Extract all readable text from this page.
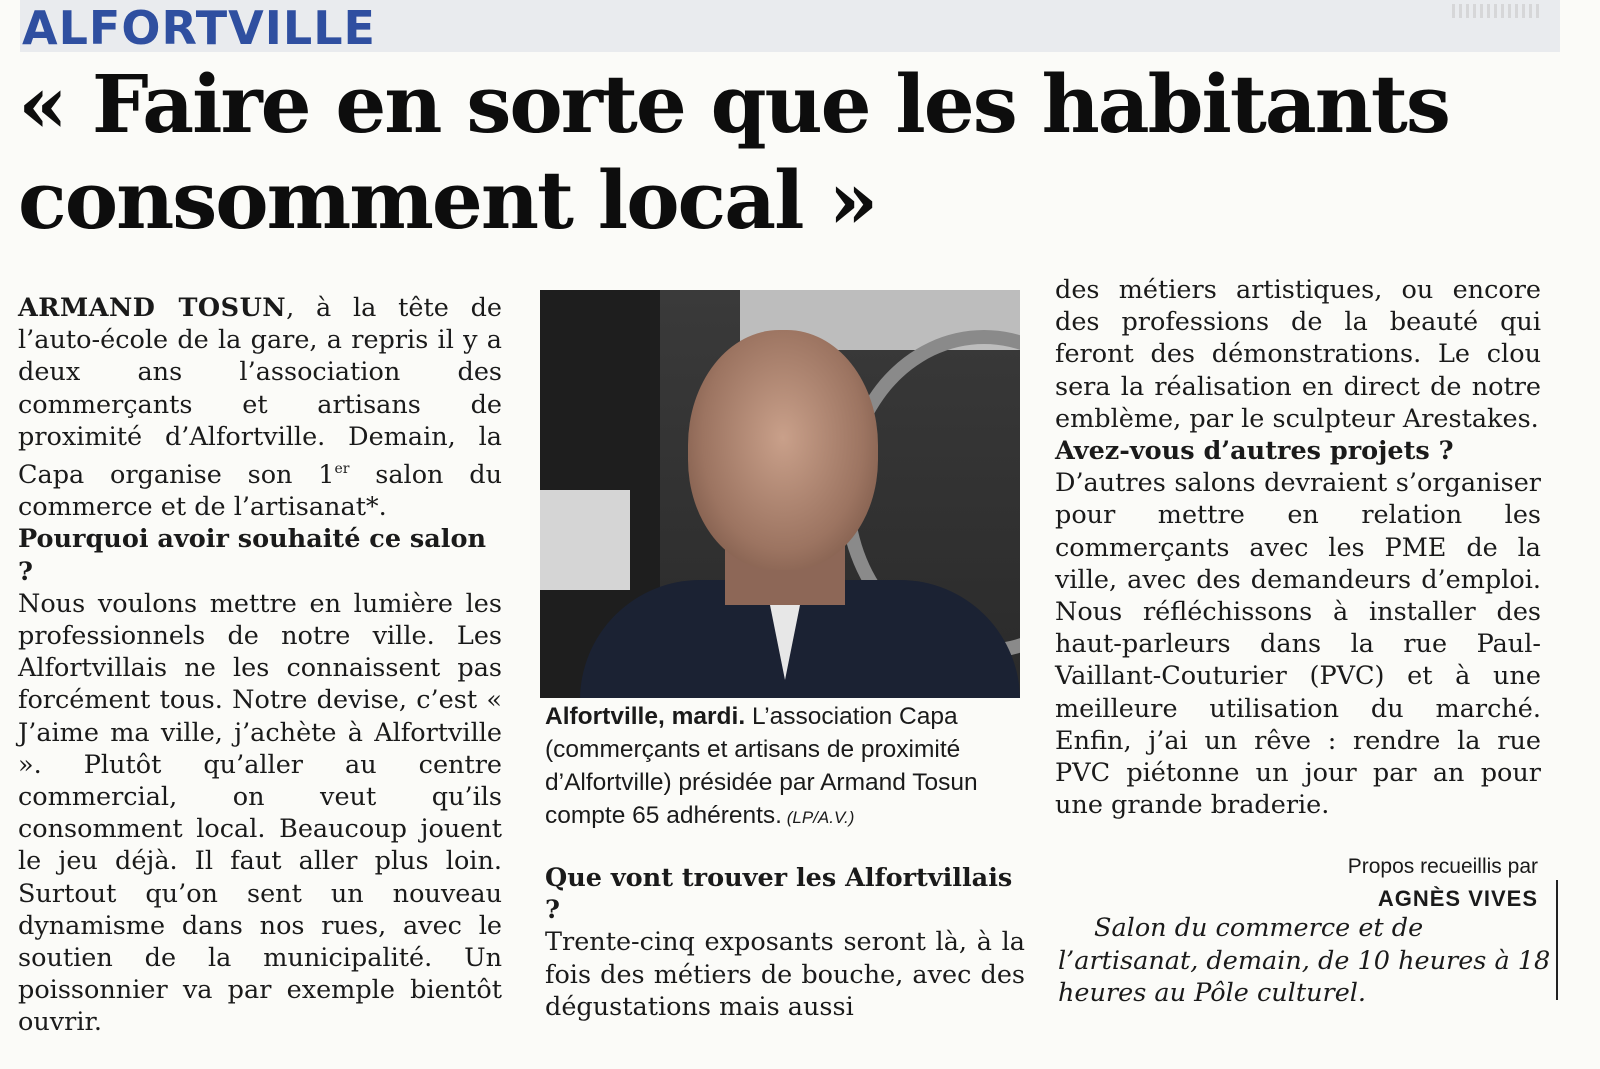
ALFORTVILLE
« Faire en sorte que les habitants
consomment local »

ARMAND TOSUN, à la tête de l’auto-école de la gare, a repris il y a deux ans l’association des commerçants et artisans de proximité d’Alfortville. Demain, la Capa organise son 1er salon du commerce et de l’artisanat*.

Pourquoi avoir souhaité ce salon ?

Nous voulons mettre en lumière les professionnels de notre ville. Les Alfortvillais ne les connaissent pas forcément tous. Notre devise, c’est « J’aime ma ville, j’achète à Alfortville ». Plutôt qu’aller au centre commercial, on veut qu’ils consomment local. Beaucoup jouent le jeu déjà. Il faut aller plus loin. Surtout qu’on sent un nouveau dynamisme dans nos rues, avec le soutien de la municipalité. Un poissonnier va par exemple bientôt ouvrir.

Alfortville, mardi. L’association Capa (commerçants et artisans de proximité d’Alfortville) présidée par Armand Tosun compte 65 adhérents. (LP/A.V.)

Que vont trouver les Alfortvillais ?

Trente-cinq exposants seront là, à la fois des métiers de bouche, avec des dégustations mais aussi

des métiers artistiques, ou encore des professions de la beauté qui feront des démonstrations. Le clou sera la réalisation en direct de notre emblème, par le sculpteur Arestakes.

Avez-vous d’autres projets ?

D’autres salons devraient s’organiser pour mettre en relation les commerçants avec les PME de la ville, avec des demandeurs d’emploi. Nous réfléchissons à installer des haut-parleurs dans la rue Paul-Vaillant-Couturier (PVC) et à une meilleure utilisation du marché. Enfin, j’ai un rêve : rendre la rue PVC piétonne un jour par an pour une grande braderie.

Propos recueillis par
AGNÈS VIVES
Salon du commerce et de l’artisanat, demain, de 10 heures à 18 heures au Pôle culturel.
